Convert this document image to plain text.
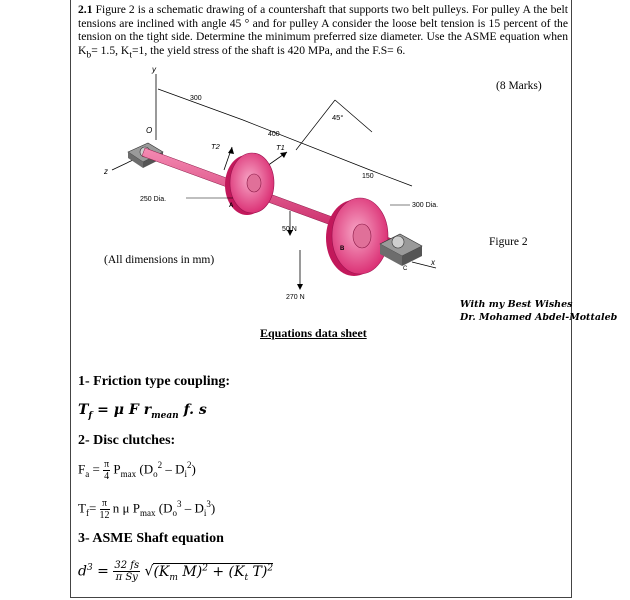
2.1 Figure 2 is a schematic drawing of a countershaft that supports two belt pulleys. For pulley A the belt tensions are inclined with angle 45 ° and for pulley A consider the loose belt tension is 15 percent of the tension on the tight side. Determine the minimum preferred size diameter. Use the ASME equation when $K_b= 1.5$, $K_t=1$, the yield stress of the shaft is 420 MPa, and the F.S= 6.
(8 Marks)
y
z
O
300
400
150
45°
T1
T2
A
250 Dia.
B
300 Dia.
C
x
50 N
270 N
Figure 2
(All dimensions in mm)
With my Best Wishes
Dr. Mohamed Abdel-Mottaleb
Equations data sheet
1- Friction type coupling:
$T_f = \mu$ F $r_{mean}$ f. s
2- Disc clutches:
$F_a = \frac{\pi}{4} P_{max}$ $(D_o^2 - D_i^2)$
$T_f= \frac{\pi}{12}$ n μ $P_{max}$ $(D_o^3 - D_i^3)$
3- ASME Shaft equation
$d^3 = \frac{32 fs}{\text{π Sy}} √(K_m$ $M)^2 + (K_t$ T)$^2$
